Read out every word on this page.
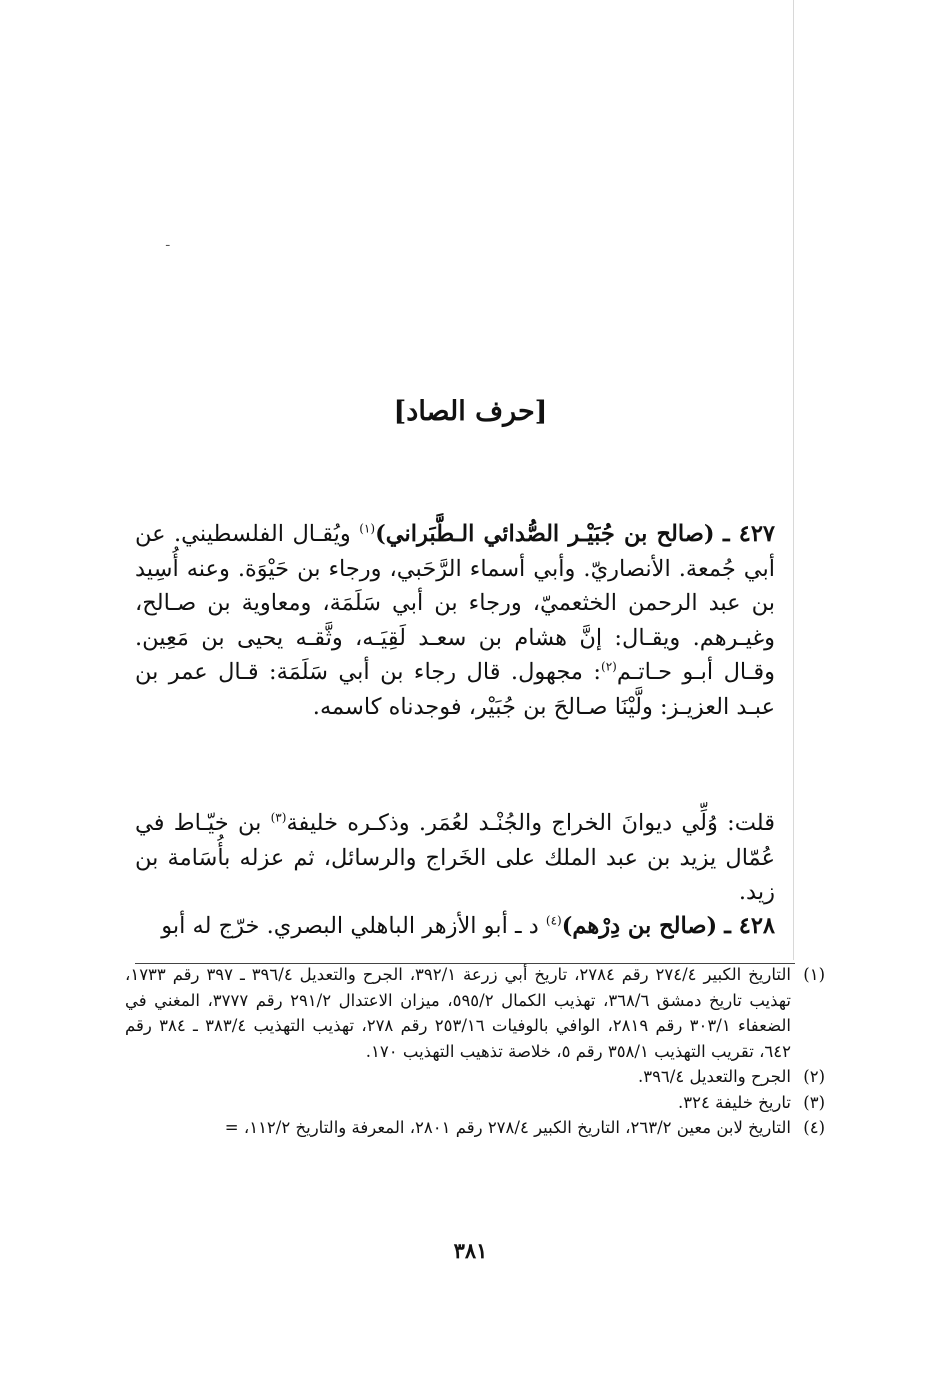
ـ
[حرف الصاد]

٤٢٧ ـ (صالح بن جُبَيْـر الصُّدائي الـطَّبَراني)$^{(١)}$ ويُقـال الفلسطيني. عن أبي جُمعة. الأنصاريّ. وأبي أسماء الرَّحَبي، ورجاء بن حَيْوَة. وعنه أُسِيد بن عبد الرحمن الخثعميّ، ورجاء بن أبي سَلَمَة، ومعاوية بن صـالح، وغيـرهم. ويقـال: إنَّ هشام بن سعـد لَقِيَـه، وثَّقـه يحيى بن مَعِين. وقـال أبـو حـاتـم$^{(٢)}$: مجهول. قال رجاء بن أبي سَلَمَة: قـال عمر بن عبـد العزيـز: ولَّيْنَا صـالحَ بن جُبَيْر، فوجدناه كاسمه.

قلت: وُلِّي ديوانَ الخراج والجُنْـد لعُمَر. وذكـره خليفة$^{(٣)}$ بن خيّـاط في عُمّال يزيد بن عبد الملك على الخَراج والرسائل، ثم عزله بأُسَامة بن زيد.

٤٢٨ ـ (صالح بن دِرْهم)$^{(٤)}$ د ـ أبو الأزهر الباهلي البصري. خرّج له أبو

(١)
التاريخ الكبير ٢٧٤/٤ رقم ٢٧٨٤، تاريخ أبي زرعة ٣٩٢/١، الجرح والتعديل ٣٩٦/٤ ـ ٣٩٧ رقم ١٧٣٣، تهذيب تاريخ دمشق ٣٦٨/٦، تهذيب الكمال ٥٩٥/٢، ميزان الاعتدال ٢٩١/٢ رقم ٣٧٧٧، المغني في الضعفاء ٣٠٣/١ رقم ٢٨١٩، الوافي بالوفيات ٢٥٣/١٦ رقم ٢٧٨، تهذيب التهذيب ٣٨٣/٤ ـ ٣٨٤ رقم ٦٤٢، تقريب التهذيب ٣٥٨/١ رقم ٥، خلاصة تذهيب التهذيب ١٧٠.
(٢)
الجرح والتعديل ٣٩٦/٤.
(٣)
تاريخ خليفة ٣٢٤.
(٤)
التاريخ لابن معين ٢٦٣/٢، التاريخ الكبير ٢٧٨/٤ رقم ٢٨٠١، المعرفة والتاريخ ١١٢/٢، =
٣٨١
